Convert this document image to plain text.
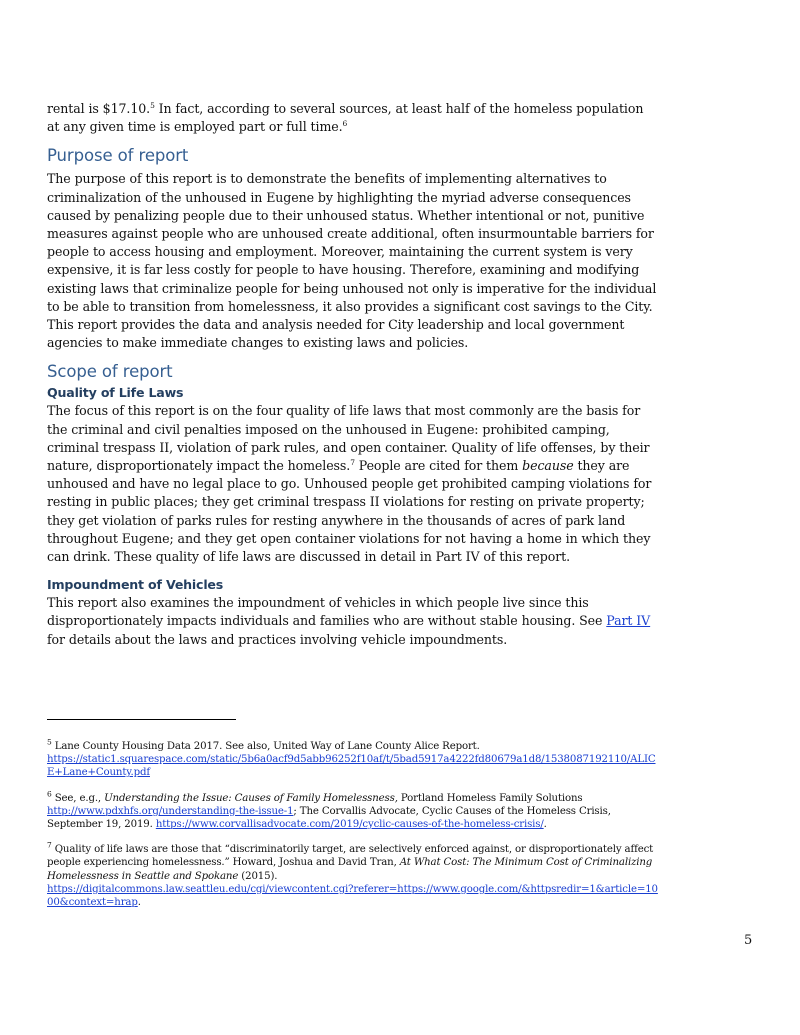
rental is $17.10.$^5$ In fact, according to several sources, at least half of the homeless population at any given time is employed part or full time.$^6$

Purpose of report

The purpose of this report is to demonstrate the benefits of implementing alternatives to criminalization of the unhoused in Eugene by highlighting the myriad adverse consequences caused by penalizing people due to their unhoused status. Whether intentional or not, punitive measures against people who are unhoused create additional, often insurmountable barriers for people to access housing and employment. Moreover, maintaining the current system is very expensive, it is far less costly for people to have housing. Therefore, examining and modifying existing laws that criminalize people for being unhoused not only is imperative for the individual to be able to transition from homelessness, it also provides a significant cost savings to the City. This report provides the data and analysis needed for City leadership and local government agencies to make immediate changes to existing laws and policies.

Scope of report
Quality of Life Laws

The focus of this report is on the four quality of life laws that most commonly are the basis for the criminal and civil penalties imposed on the unhoused in Eugene: prohibited camping, criminal trespass II, violation of park rules, and open container. Quality of life offenses, by their nature, disproportionately impact the homeless.$^7$ People are cited for them because they are unhoused and have no legal place to go. Unhoused people get prohibited camping violations for resting in public places; they get criminal trespass II violations for resting on private property; they get violation of parks rules for resting anywhere in the thousands of acres of park land throughout Eugene; and they get open container violations for not having a home in which they can drink. These quality of life laws are discussed in detail in Part IV of this report.

Impoundment of Vehicles

This report also examines the impoundment of vehicles in which people live since this disproportionately impacts individuals and families who are without stable housing. See Part IV for details about the laws and practices involving vehicle impoundments.

$^5$ Lane County Housing Data 2017. See also, United Way of Lane County Alice Report.
https://static1.squarespace.com/static/5b6a0acf9d5abb96252f10af/t/5bad5917a4222fd80679a1d8/1538087192110/ALICE+Lane+County.pdf
$^6$ See, e.g., Understanding the Issue: Causes of Family Homelessness, Portland Homeless Family Solutions
http://www.pdxhfs.org/understanding-the-issue-1; The Corvallis Advocate, Cyclic Causes of the Homeless Crisis, September 19, 2019. https://www.corvallisadvocate.com/2019/cyclic-causes-of-the-homeless-crisis/.
$^7$ Quality of life laws are those that “discriminatorily target, are selectively enforced against, or disproportionately affect people experiencing homelessness.” Howard, Joshua and David Tran, At What Cost: The Minimum Cost of Criminalizing Homelessness in Seattle and Spokane (2015).
https://digitalcommons.law.seattleu.edu/cgi/viewcontent.cgi?referer=https://www.google.com/&httpsredir=1&article=1000&context=hrap.
5
